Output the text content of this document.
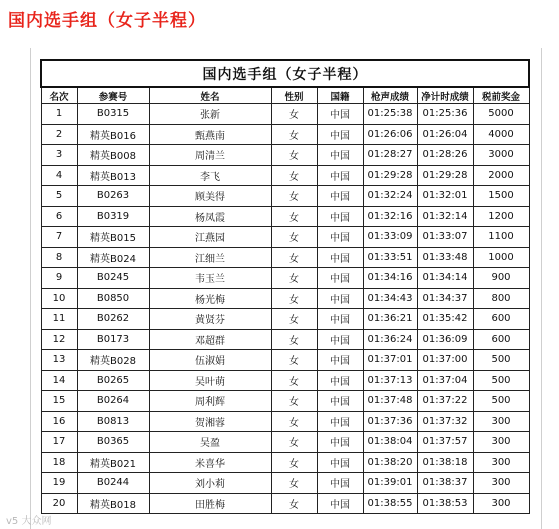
国内选手组（女子半程）
国内选手组（女子半程）							
名次	参赛号	姓名	性别	国籍	枪声成绩	净计时成绩	税前奖金
1	B0315	张新	女	中国	01:25:38	01:25:36	5000
2	精英B016	甄燕南	女	中国	01:26:06	01:26:04	4000
3	精英B008	周清兰	女	中国	01:28:27	01:28:26	3000
4	精英B013	李飞	女	中国	01:29:28	01:29:28	2000
5	B0263	顾美得	女	中国	01:32:24	01:32:01	1500
6	B0319	杨凤霞	女	中国	01:32:16	01:32:14	1200
7	精英B015	江燕园	女	中国	01:33:09	01:33:07	1100
8	精英B024	江细兰	女	中国	01:33:51	01:33:48	1000
9	B0245	韦玉兰	女	中国	01:34:16	01:34:14	900
10	B0850	杨光梅	女	中国	01:34:43	01:34:37	800
11	B0262	黄贤芬	女	中国	01:36:21	01:35:42	600
12	B0173	邓超群	女	中国	01:36:24	01:36:09	600
13	精英B028	伍淑娟	女	中国	01:37:01	01:37:00	500
14	B0265	吴叶萌	女	中国	01:37:13	01:37:04	500
15	B0264	周利辉	女	中国	01:37:48	01:37:22	500
16	B0813	贺湘蓉	女	中国	01:37:36	01:37:32	300
17	B0365	吴盈	女	中国	01:38:04	01:37:57	300
18	精英B021	米喜华	女	中国	01:38:20	01:38:18	300
19	B0244	刘小莉	女	中国	01:39:01	01:38:37	300
20	精英B018	田胜梅	女	中国	01:38:55	01:38:53	300
v5 大众网
